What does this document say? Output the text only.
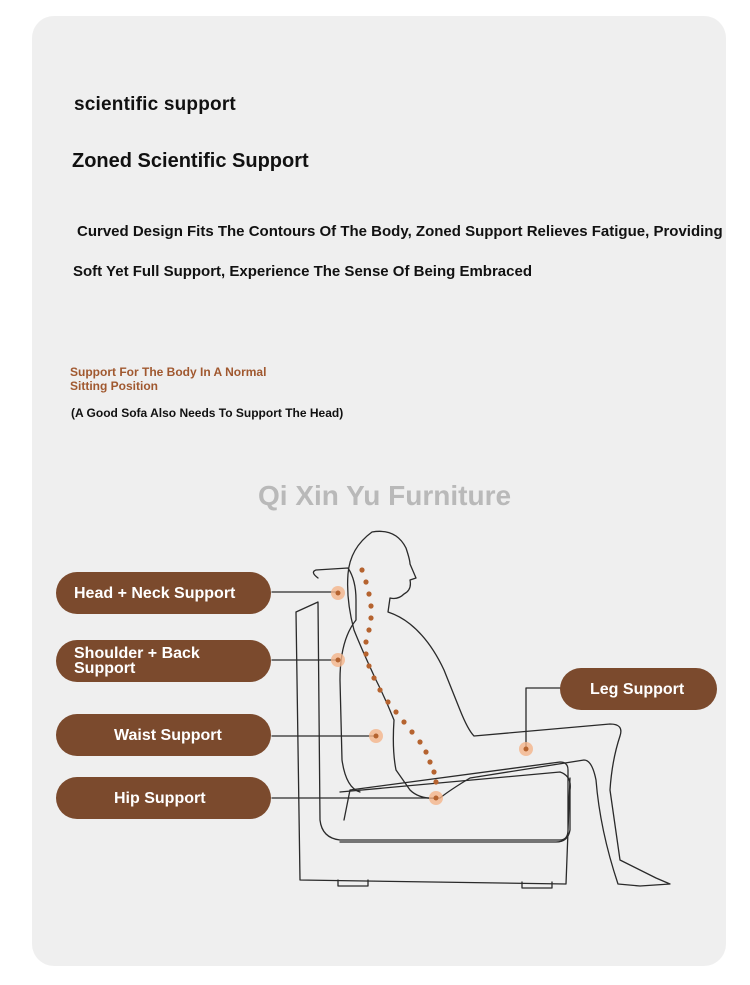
scientific support
Zoned Scientific Support
Curved Design Fits The Contours Of The Body, Zoned Support Relieves Fatigue, Providing
Soft Yet Full Support, Experience The Sense Of Being Embraced
Support For The Body In A Normal Sitting Position
(A Good Sofa Also Needs To Support The Head)
Qi Xin Yu Furniture
Head + Neck Support
Shoulder + Back Support
Waist Support
Hip Support
Leg Support
